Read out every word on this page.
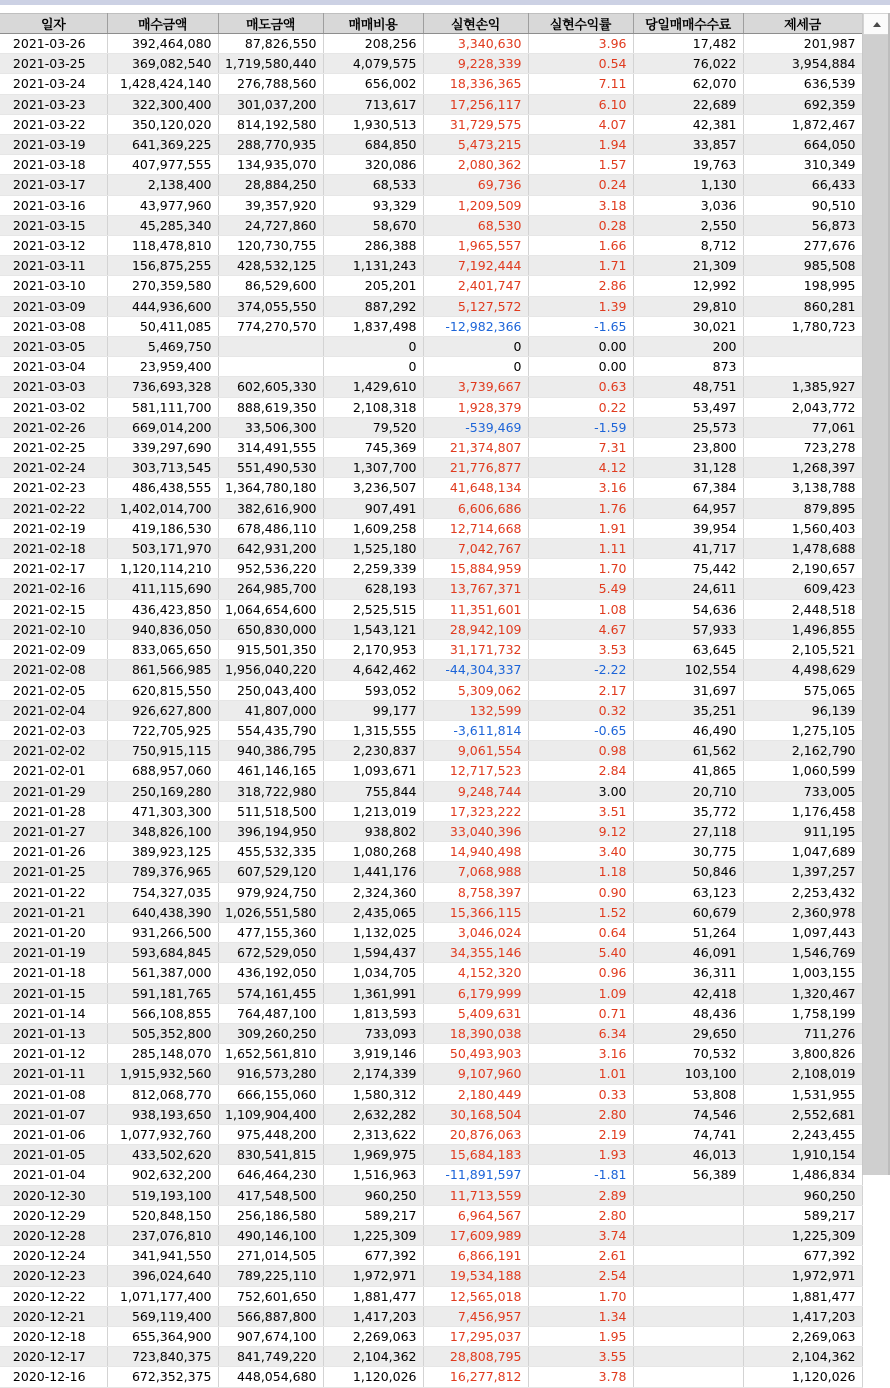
일자	매수금액	매도금액	매매비용	실현손익	실현수익률	당일매매수수료	제세금
2021-03-26	392,464,080	87,826,550	208,256	3,340,630	3.96	17,482	201,987
2021-03-25	369,082,540	1,719,580,440	4,079,575	9,228,339	0.54	76,022	3,954,884
2021-03-24	1,428,424,140	276,788,560	656,002	18,336,365	7.11	62,070	636,539
2021-03-23	322,300,400	301,037,200	713,617	17,256,117	6.10	22,689	692,359
2021-03-22	350,120,020	814,192,580	1,930,513	31,729,575	4.07	42,381	1,872,467
2021-03-19	641,369,225	288,770,935	684,850	5,473,215	1.94	33,857	664,050
2021-03-18	407,977,555	134,935,070	320,086	2,080,362	1.57	19,763	310,349
2021-03-17	2,138,400	28,884,250	68,533	69,736	0.24	1,130	66,433
2021-03-16	43,977,960	39,357,920	93,329	1,209,509	3.18	3,036	90,510
2021-03-15	45,285,340	24,727,860	58,670	68,530	0.28	2,550	56,873
2021-03-12	118,478,810	120,730,755	286,388	1,965,557	1.66	8,712	277,676
2021-03-11	156,875,255	428,532,125	1,131,243	7,192,444	1.71	21,309	985,508
2021-03-10	270,359,580	86,529,600	205,201	2,401,747	2.86	12,992	198,995
2021-03-09	444,936,600	374,055,550	887,292	5,127,572	1.39	29,810	860,281
2021-03-08	50,411,085	774,270,570	1,837,498	-12,982,366	-1.65	30,021	1,780,723
2021-03-05	5,469,750		0	0	0.00	200	
2021-03-04	23,959,400		0	0	0.00	873	
2021-03-03	736,693,328	602,605,330	1,429,610	3,739,667	0.63	48,751	1,385,927
2021-03-02	581,111,700	888,619,350	2,108,318	1,928,379	0.22	53,497	2,043,772
2021-02-26	669,014,200	33,506,300	79,520	-539,469	-1.59	25,573	77,061
2021-02-25	339,297,690	314,491,555	745,369	21,374,807	7.31	23,800	723,278
2021-02-24	303,713,545	551,490,530	1,307,700	21,776,877	4.12	31,128	1,268,397
2021-02-23	486,438,555	1,364,780,180	3,236,507	41,648,134	3.16	67,384	3,138,788
2021-02-22	1,402,014,700	382,616,900	907,491	6,606,686	1.76	64,957	879,895
2021-02-19	419,186,530	678,486,110	1,609,258	12,714,668	1.91	39,954	1,560,403
2021-02-18	503,171,970	642,931,200	1,525,180	7,042,767	1.11	41,717	1,478,688
2021-02-17	1,120,114,210	952,536,220	2,259,339	15,884,959	1.70	75,442	2,190,657
2021-02-16	411,115,690	264,985,700	628,193	13,767,371	5.49	24,611	609,423
2021-02-15	436,423,850	1,064,654,600	2,525,515	11,351,601	1.08	54,636	2,448,518
2021-02-10	940,836,050	650,830,000	1,543,121	28,942,109	4.67	57,933	1,496,855
2021-02-09	833,065,650	915,501,350	2,170,953	31,171,732	3.53	63,645	2,105,521
2021-02-08	861,566,985	1,956,040,220	4,642,462	-44,304,337	-2.22	102,554	4,498,629
2021-02-05	620,815,550	250,043,400	593,052	5,309,062	2.17	31,697	575,065
2021-02-04	926,627,800	41,807,000	99,177	132,599	0.32	35,251	96,139
2021-02-03	722,705,925	554,435,790	1,315,555	-3,611,814	-0.65	46,490	1,275,105
2021-02-02	750,915,115	940,386,795	2,230,837	9,061,554	0.98	61,562	2,162,790
2021-02-01	688,957,060	461,146,165	1,093,671	12,717,523	2.84	41,865	1,060,599
2021-01-29	250,169,280	318,722,980	755,844	9,248,744	3.00	20,710	733,005
2021-01-28	471,303,300	511,518,500	1,213,019	17,323,222	3.51	35,772	1,176,458
2021-01-27	348,826,100	396,194,950	938,802	33,040,396	9.12	27,118	911,195
2021-01-26	389,923,125	455,532,335	1,080,268	14,940,498	3.40	30,775	1,047,689
2021-01-25	789,376,965	607,529,120	1,441,176	7,068,988	1.18	50,846	1,397,257
2021-01-22	754,327,035	979,924,750	2,324,360	8,758,397	0.90	63,123	2,253,432
2021-01-21	640,438,390	1,026,551,580	2,435,065	15,366,115	1.52	60,679	2,360,978
2021-01-20	931,266,500	477,155,360	1,132,025	3,046,024	0.64	51,264	1,097,443
2021-01-19	593,684,845	672,529,050	1,594,437	34,355,146	5.40	46,091	1,546,769
2021-01-18	561,387,000	436,192,050	1,034,705	4,152,320	0.96	36,311	1,003,155
2021-01-15	591,181,765	574,161,455	1,361,991	6,179,999	1.09	42,418	1,320,467
2021-01-14	566,108,855	764,487,100	1,813,593	5,409,631	0.71	48,436	1,758,199
2021-01-13	505,352,800	309,260,250	733,093	18,390,038	6.34	29,650	711,276
2021-01-12	285,148,070	1,652,561,810	3,919,146	50,493,903	3.16	70,532	3,800,826
2021-01-11	1,915,932,560	916,573,280	2,174,339	9,107,960	1.01	103,100	2,108,019
2021-01-08	812,068,770	666,155,060	1,580,312	2,180,449	0.33	53,808	1,531,955
2021-01-07	938,193,650	1,109,904,400	2,632,282	30,168,504	2.80	74,546	2,552,681
2021-01-06	1,077,932,760	975,448,200	2,313,622	20,876,063	2.19	74,741	2,243,455
2021-01-05	433,502,620	830,541,815	1,969,975	15,684,183	1.93	46,013	1,910,154
2021-01-04	902,632,200	646,464,230	1,516,963	-11,891,597	-1.81	56,389	1,486,834
2020-12-30	519,193,100	417,548,500	960,250	11,713,559	2.89		960,250
2020-12-29	520,848,150	256,186,580	589,217	6,964,567	2.80		589,217
2020-12-28	237,076,810	490,146,100	1,225,309	17,609,989	3.74		1,225,309
2020-12-24	341,941,550	271,014,505	677,392	6,866,191	2.61		677,392
2020-12-23	396,024,640	789,225,110	1,972,971	19,534,188	2.54		1,972,971
2020-12-22	1,071,177,400	752,601,650	1,881,477	12,565,018	1.70		1,881,477
2020-12-21	569,119,400	566,887,800	1,417,203	7,456,957	1.34		1,417,203
2020-12-18	655,364,900	907,674,100	2,269,063	17,295,037	1.95		2,269,063
2020-12-17	723,840,375	841,749,220	2,104,362	28,808,795	3.55		2,104,362
2020-12-16	672,352,375	448,054,680	1,120,026	16,277,812	3.78		1,120,026
